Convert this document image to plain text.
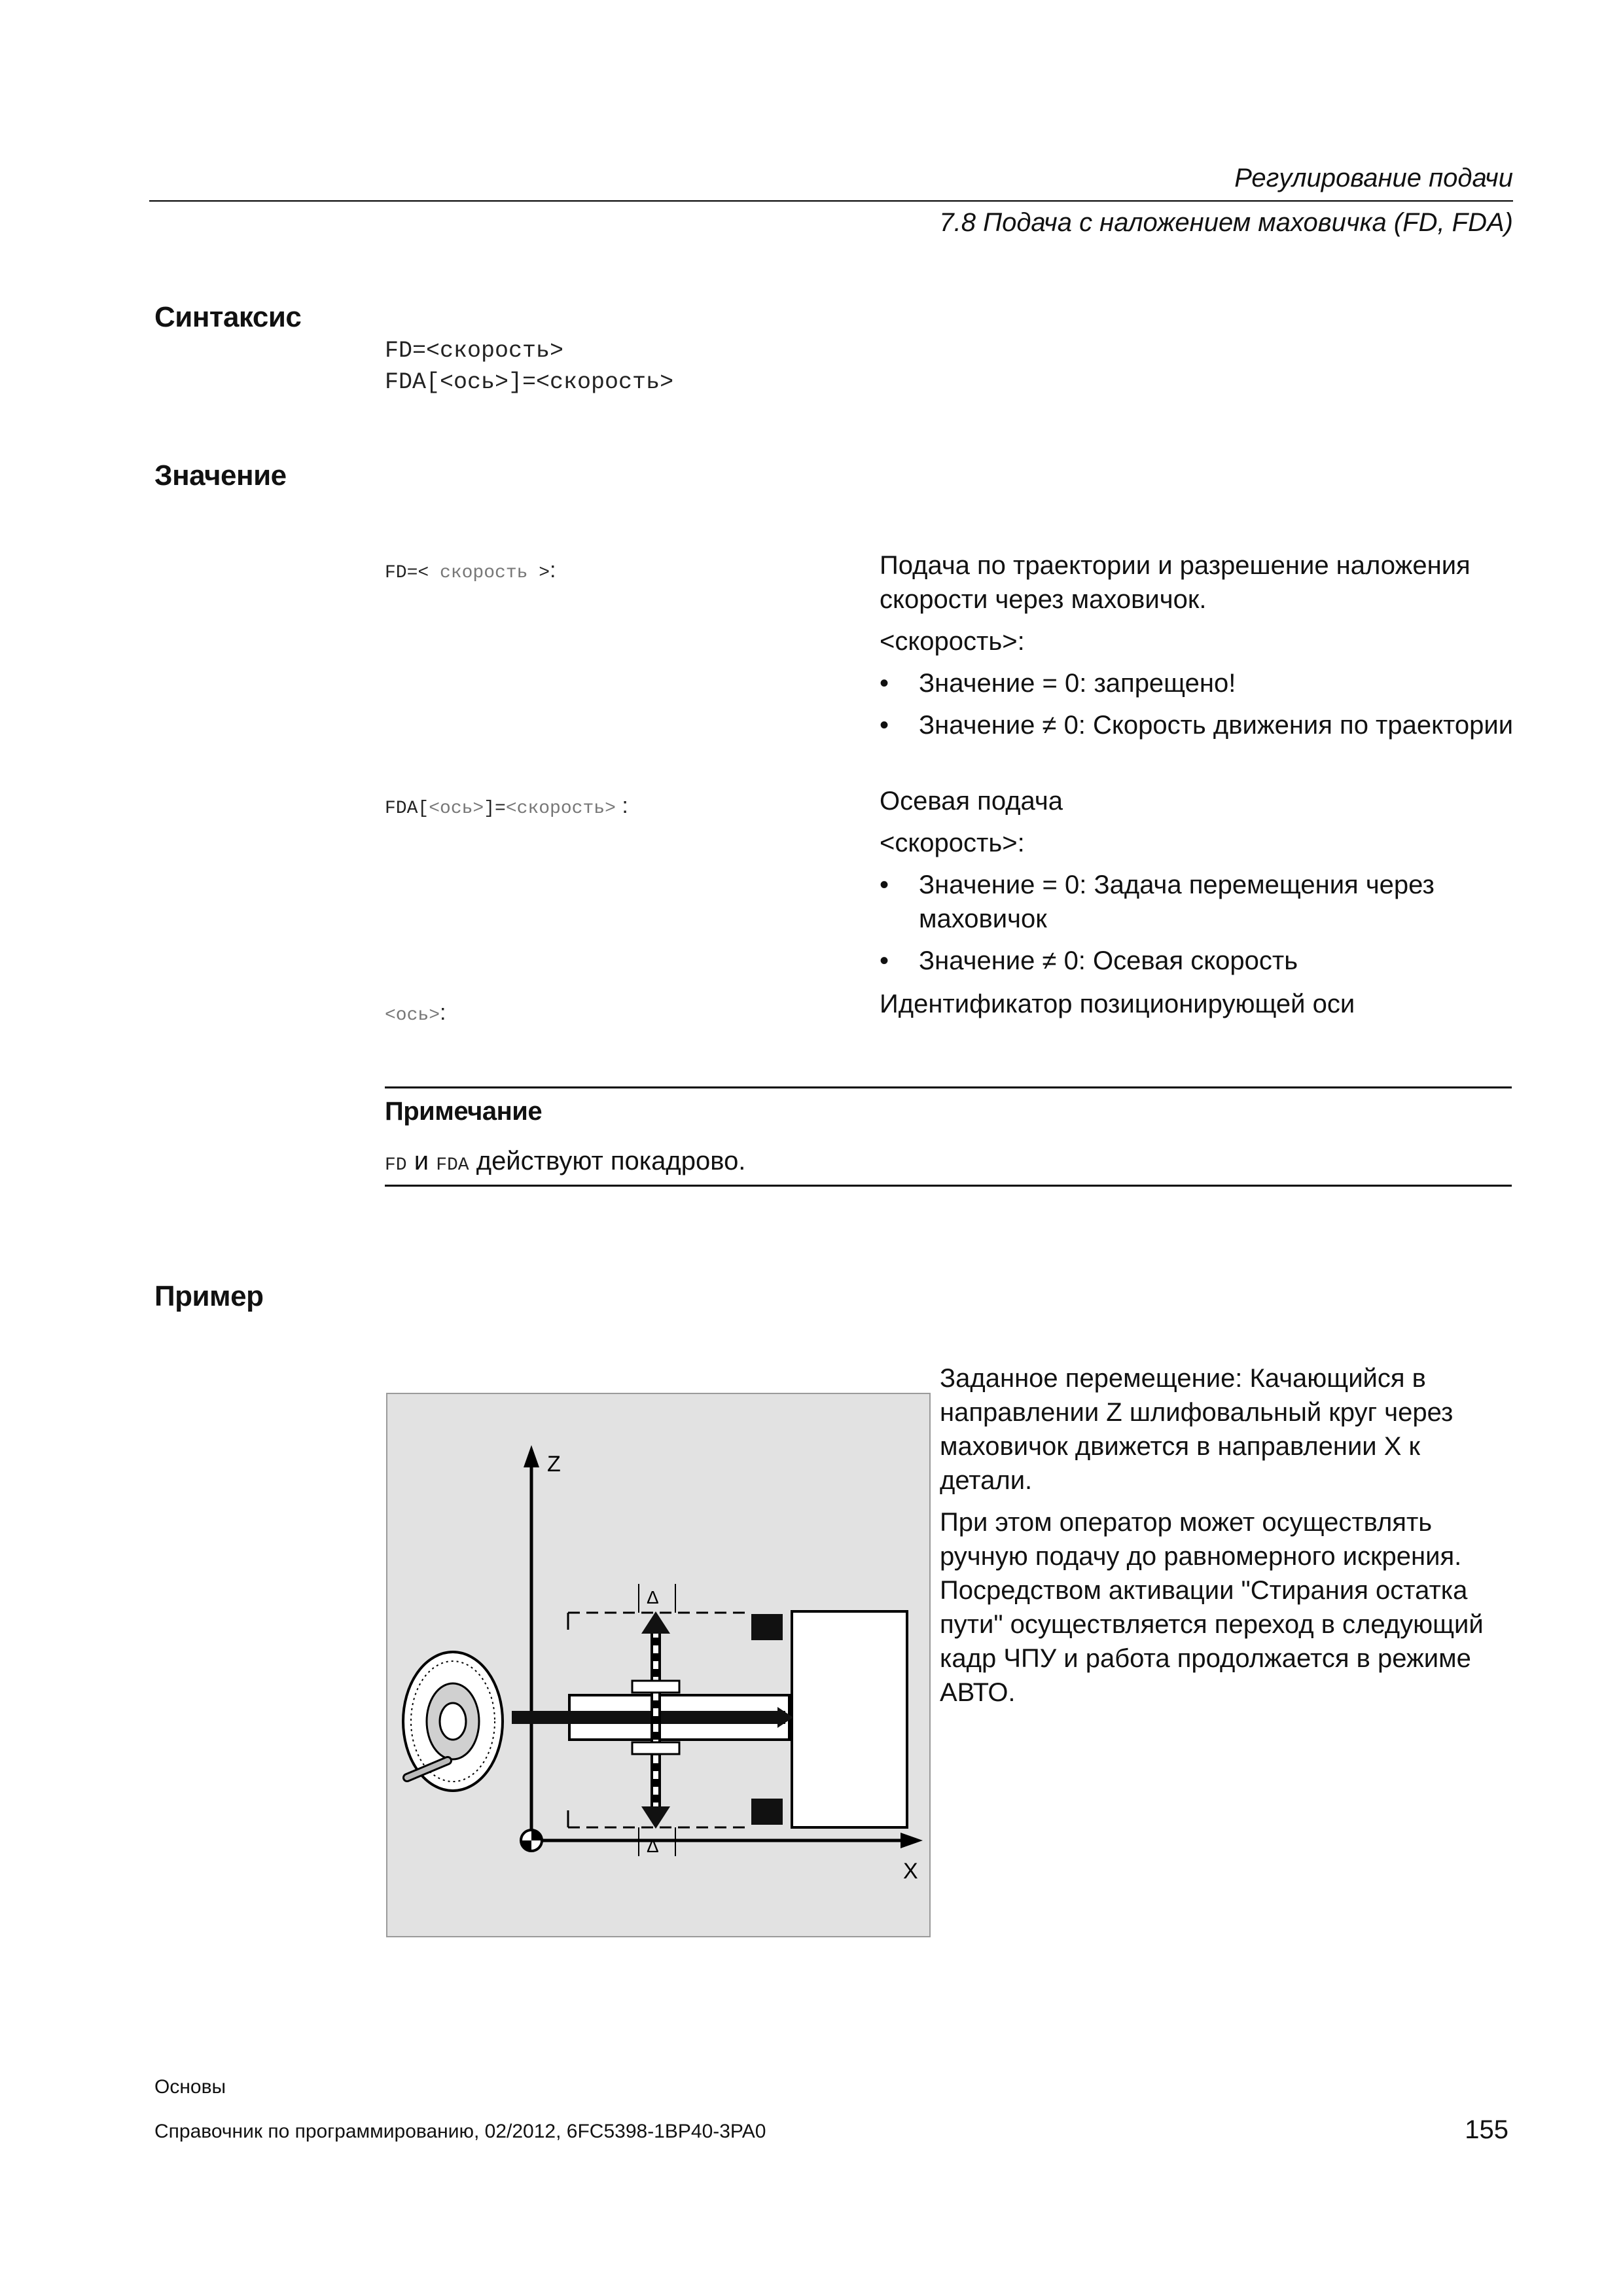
Регулирование подачи
7.8 Подача с наложением маховичка (FD, FDA)
Синтаксис
FD=<скорость>
FDA[<ось>]=<скорость>
Значение
FD=< скорость >:	Подача по траектории и разрешение наложения скорости через маховичок.
<скорость>:
• Значение = 0: запрещено!
• Значение ≠ 0: Скорость движения по траектории
FDA[<ось>]=<скорость> :	Осевая подача
<скорость>:
• Значение = 0: Задача перемещения через маховичок
• Значение ≠ 0: Осевая скорость
<ось>:	Идентификатор позиционирующей оси
Примечание
FD и FDA действуют покадрово.
Пример
Z
X
Δ
Δ
Заданное перемещение: Качающийся в направлении Z шлифовальный круг через маховичок движется в направлении X к детали.
При этом оператор может осуществлять ручную подачу до равномерного искрения. Посредством активации "Стирания остатка пути" осуществляется переход в следующий кадр ЧПУ и работа продолжается в режиме АВТО.
Основы
Справочник по программированию, 02/2012, 6FC5398-1BP40-3PA0	155
